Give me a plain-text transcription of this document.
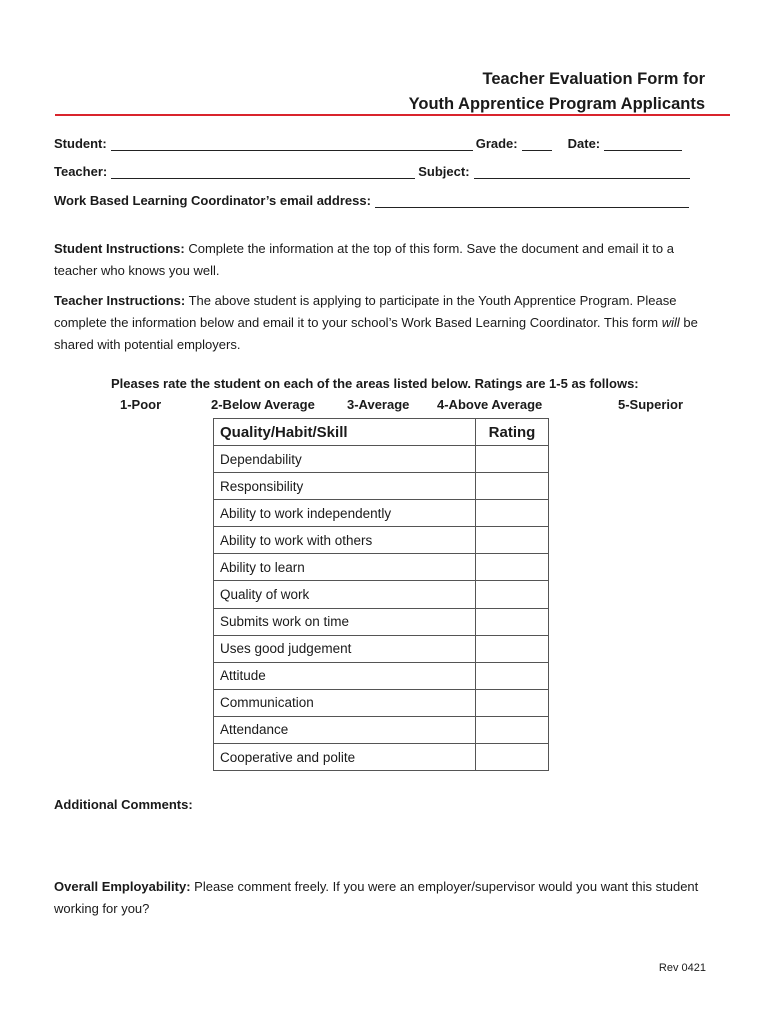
Teacher Evaluation Form for
Youth Apprentice Program Applicants
Student:	Grade:	Date:
Teacher:	Subject:
Work Based Learning Coordinator’s email address:
Student Instructions: Complete the information at the top of this form. Save the document and email it to a teacher who knows you well.
Teacher Instructions: The above student is applying to participate in the Youth Apprentice Program. Please complete the information below and email it to your school’s Work Based Learning Coordinator. This form will be shared with potential employers.
Pleases rate the student on each of the areas listed below. Ratings are 1-5 as follows:
1-Poor	2-Below Average 3-Average 4-Above Average	5-Superior
Quality/Habit/Skill	Rating
Dependability	
Responsibility	
Ability to work independently	
Ability to work with others	
Ability to learn	
Quality of work	
Submits work on time	
Uses good judgement	
Attitude	
Communication	
Attendance	
Cooperative and polite	
Additional Comments:
Overall Employability: Please comment freely. If you were an employer/supervisor would you want this student working for you?
Rev 0421
